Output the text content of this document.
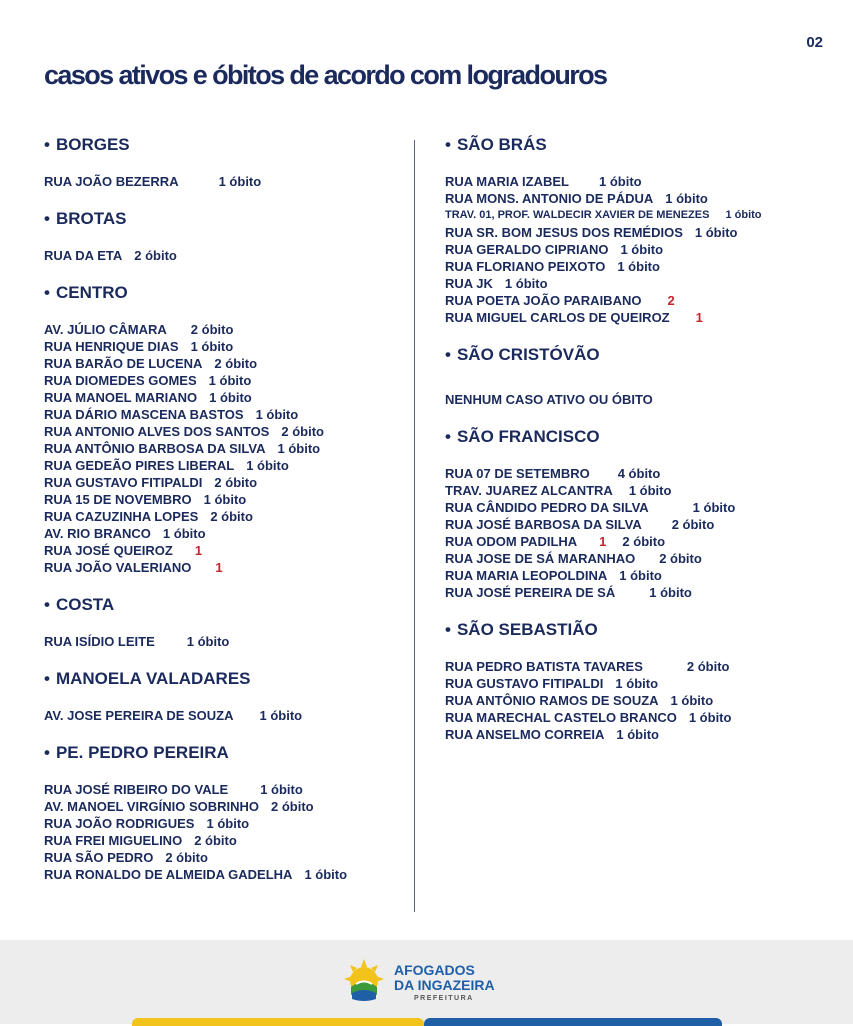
02
casos ativos e óbitos de acordo com logradouros
• BORGES
RUA JOÃO BEZERRA	1 óbito
• BROTAS
RUA DA ETA 2 óbito
• CENTRO
AV. JÚLIO CÂMARA 2 óbito
RUA HENRIQUE DIAS 1 óbito
RUA BARÃO DE LUCENA 2 óbito
RUA DIOMEDES GOMES 1 óbito
RUA MANOEL MARIANO 1 óbito
RUA DÁRIO MASCENA BASTOS 1 óbito
RUA ANTONIO ALVES DOS SANTOS 2 óbito
RUA ANTÔNIO BARBOSA DA SILVA 1 óbito
RUA GEDEÃO PIRES LIBERAL 1 óbito
RUA GUSTAVO FITIPALDI 2 óbito
RUA 15 DE NOVEMBRO 1 óbito
RUA CAZUZINHA LOPES 2 óbito
AV. RIO BRANCO 1 óbito
RUA JOSÉ QUEIROZ 1
RUA JOÃO VALERIANO 1
• COSTA
RUA ISÍDIO LEITE 1 óbito
• MANOELA VALADARES
AV. JOSE PEREIRA DE SOUZA 1 óbito
• PE. PEDRO PEREIRA
RUA JOSÉ RIBEIRO DO VALE 1 óbito
AV. MANOEL VIRGÍNIO SOBRINHO 2 óbito
RUA JOÃO RODRIGUES 1 óbito
RUA FREI MIGUELINO 2 óbito
RUA SÃO PEDRO 2 óbito
RUA RONALDO DE ALMEIDA GADELHA 1 óbito
• SÃO BRÁS
RUA MARIA IZABEL 1 óbito
RUA MONS. ANTONIO DE PÁDUA 1 óbito
TRAV. 01, PROF. WALDECIR XAVIER DE MENEZES 1 óbito
RUA SR. BOM JESUS DOS REMÉDIOS 1 óbito
RUA GERALDO CIPRIANO 1 óbito
RUA FLORIANO PEIXOTO 1 óbito
RUA JK 1 óbito
RUA POETA JOÃO PARAIBANO 2
RUA MIGUEL CARLOS DE QUEIROZ 1
• SÃO CRISTÓVÃO
NENHUM CASO ATIVO OU ÓBITO
• SÃO FRANCISCO
RUA 07 DE SETEMBRO 4 óbito
TRAV. JUAREZ ALCANTRA 1 óbito
RUA CÂNDIDO PEDRO DA SILVA	1 óbito
RUA JOSÉ BARBOSA DA SILVA 2 óbito
RUA ODOM PADILHA 1 2 óbito
RUA JOSE DE SÁ MARANHAO 2 óbito
RUA MARIA LEOPOLDINA 1 óbito
RUA JOSÉ PEREIRA DE SÁ	1 óbito
• SÃO SEBASTIÃO
RUA PEDRO BATISTA TAVARES	2 óbito
RUA GUSTAVO FITIPALDI 1 óbito
RUA ANTÔNIO RAMOS DE SOUZA 1 óbito
RUA MARECHAL CASTELO BRANCO 1 óbito
RUA ANSELMO CORREIA 1 óbito
AFOGADOS
DA INGAZEIRA
PREFEITURA
